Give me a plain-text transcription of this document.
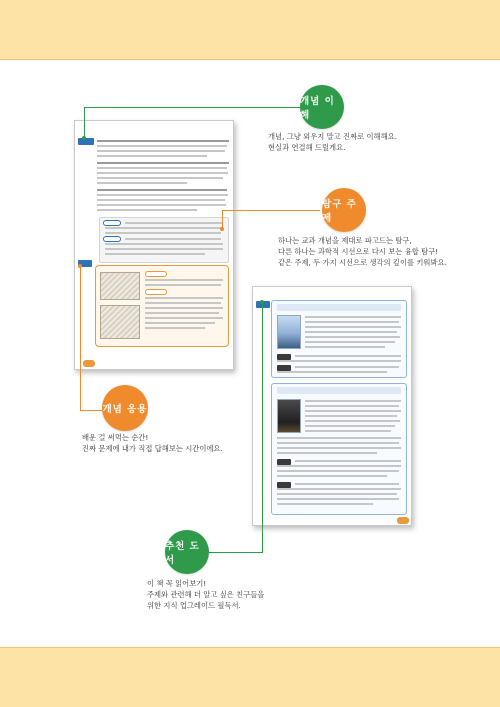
개념 이해
개념, 그냥 외우지 말고 진짜로 이해해요.
현실과 연결해 드릴게요.
탐구 주제
하나는 교과 개념을 제대로 파고드는 탐구,
다른 하나는 과학적 시선으로 다시 보는 융합 탐구!
같은 주제, 두 가지 시선으로 생각의 깊이를 키워봐요.
개념 응용
배운 걸 써먹는 순간!
진짜 문제에 내가 직접 답해보는 시간이에요.
추천 도서
이 책 꼭 읽어보기!
주제와 관련해 더 알고 싶은 친구들을
위한 지식 업그레이드 필독서.
